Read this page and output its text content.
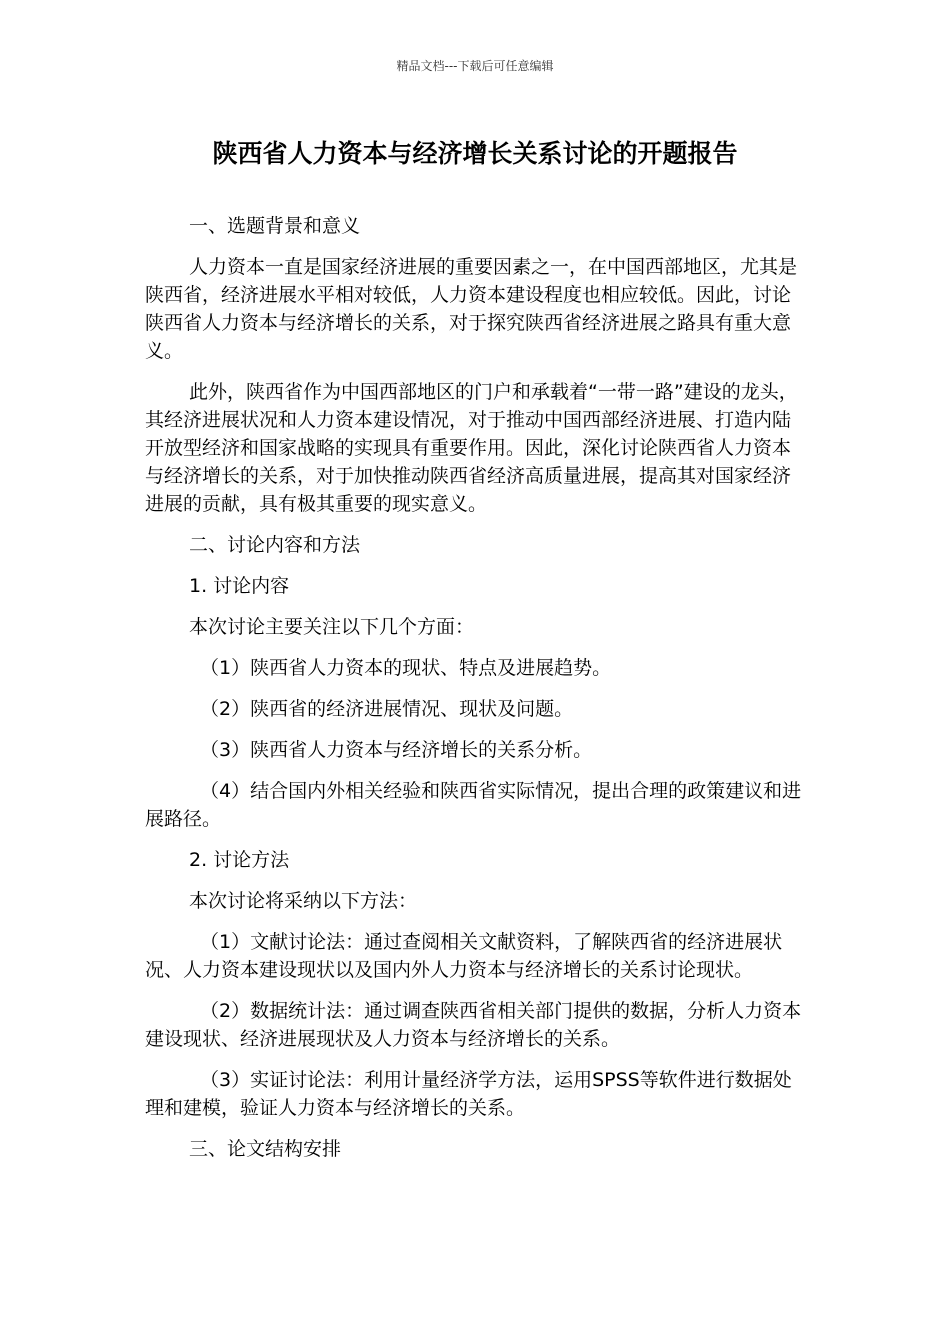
精品文档---下载后可任意编辑
陕西省人力资本与经济增长关系讨论的开题报告

一、选题背景和意义

人力资本一直是国家经济进展的重要因素之一，在中国西部地区，尤其是陕西省，经济进展水平相对较低，人力资本建设程度也相应较低。因此，讨论陕西省人力资本与经济增长的关系，对于探究陕西省经济进展之路具有重大意义。

此外，陕西省作为中国西部地区的门户和承载着“一带一路”建设的龙头，其经济进展状况和人力资本建设情况，对于推动中国西部经济进展、打造内陆开放型经济和国家战略的实现具有重要作用。因此，深化讨论陕西省人力资本与经济增长的关系，对于加快推动陕西省经济高质量进展，提高其对国家经济进展的贡献，具有极其重要的现实意义。

二、讨论内容和方法

1. 讨论内容

本次讨论主要关注以下几个方面：

（1）陕西省人力资本的现状、特点及进展趋势。

（2）陕西省的经济进展情况、现状及问题。

（3）陕西省人力资本与经济增长的关系分析。

（4）结合国内外相关经验和陕西省实际情况，提出合理的政策建议和进展路径。

2. 讨论方法

本次讨论将采纳以下方法：

（1）文献讨论法：通过查阅相关文献资料，了解陕西省的经济进展状况、人力资本建设现状以及国内外人力资本与经济增长的关系讨论现状。

（2）数据统计法：通过调查陕西省相关部门提供的数据，分析人力资本建设现状、经济进展现状及人力资本与经济增长的关系。

（3）实证讨论法：利用计量经济学方法，运用SPSS等软件进行数据处理和建模，验证人力资本与经济增长的关系。

三、论文结构安排
